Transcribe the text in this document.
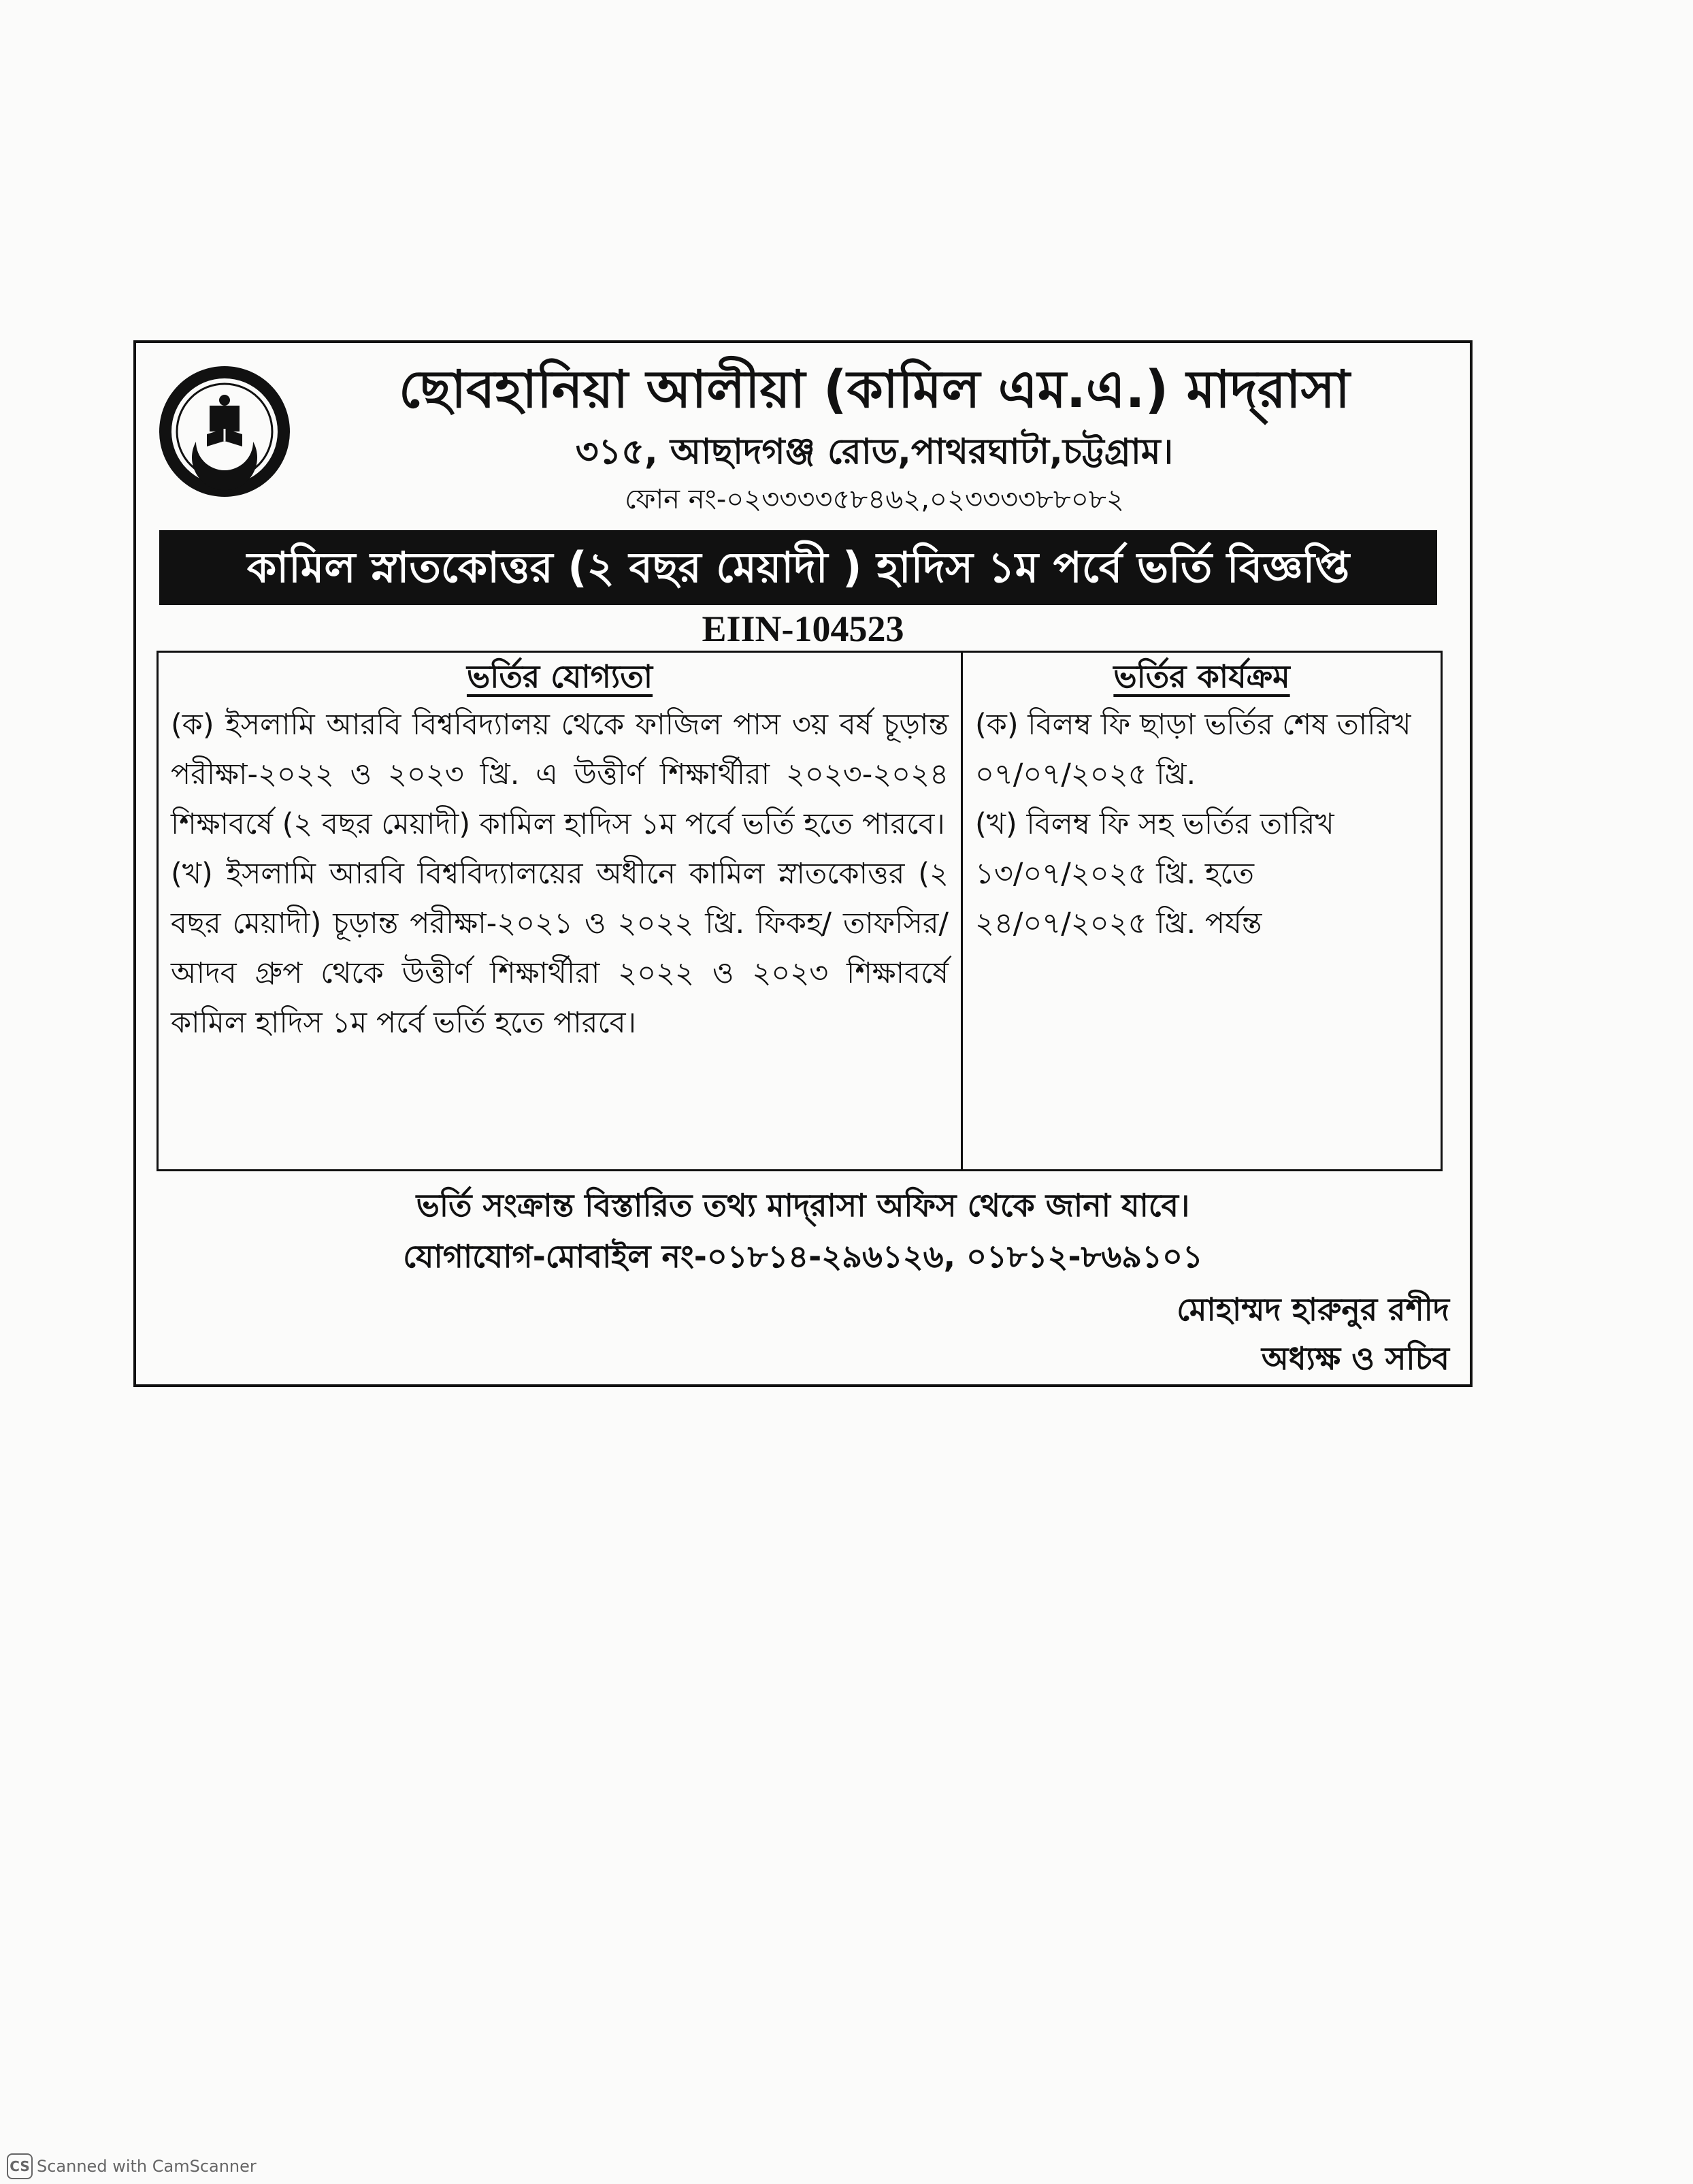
ছোবহানিয়া আলীয়া (কামিল এম.এ.) মাদ্‌রাসা
৩১৫, আছাদগঞ্জ রোড,পাথরঘাটা,চট্টগ্রাম।
ফোন নং-০২৩৩৩৩৫৮৪৬২,০২৩৩৩৩৮৮০৮২
কামিল স্নাতকোত্তর (২ বছর মেয়াদী ) হাদিস ১ম পর্বে ভর্তি বিজ্ঞপ্তি
EIIN-104523
ভর্তির যোগ্যতা

(ক) ইসলামি আরবি বিশ্ববিদ্যালয় থেকে ফাজিল পাস ৩য় বর্ষ চূড়ান্ত পরীক্ষা-২০২২ ও ২০২৩ খ্রি. এ উত্তীর্ণ শিক্ষার্থীরা ২০২৩-২০২৪ শিক্ষাবর্ষে (২ বছর মেয়াদী) কামিল হাদিস ১ম পর্বে ভর্তি হতে পারবে।

(খ) ইসলামি আরবি বিশ্ববিদ্যালয়ের অধীনে কামিল স্নাতকোত্তর (২ বছর মেয়াদী) চূড়ান্ত পরীক্ষা-২০২১ ও ২০২২ খ্রি. ফিকহ/ তাফসির/ আদব গ্রুপ থেকে উত্তীর্ণ শিক্ষার্থীরা ২০২২ ও ২০২৩ শিক্ষাবর্ষে কামিল হাদিস ১ম পর্বে ভর্তি হতে পারবে।

ভর্তির কার্যক্রম

(ক) বিলম্ব ফি ছাড়া ভর্তির শেষ তারিখ ০৭/০৭/২০২৫ খ্রি.

(খ) বিলম্ব ফি সহ ভর্তির তারিখ ১৩/০৭/২০২৫ খ্রি. হতে ২৪/০৭/২০২৫ খ্রি. পর্যন্ত

ভর্তি সংক্রান্ত বিস্তারিত তথ্য মাদ্‌রাসা অফিস থেকে জানা যাবে।
যোগাযোগ-মোবাইল নং-০১৮১৪-২৯৬১২৬, ০১৮১২-৮৬৯১০১
মোহাম্মদ হারুনুর রশীদ
অধ্যক্ষ ও সচিব
CS Scanned with CamScanner
